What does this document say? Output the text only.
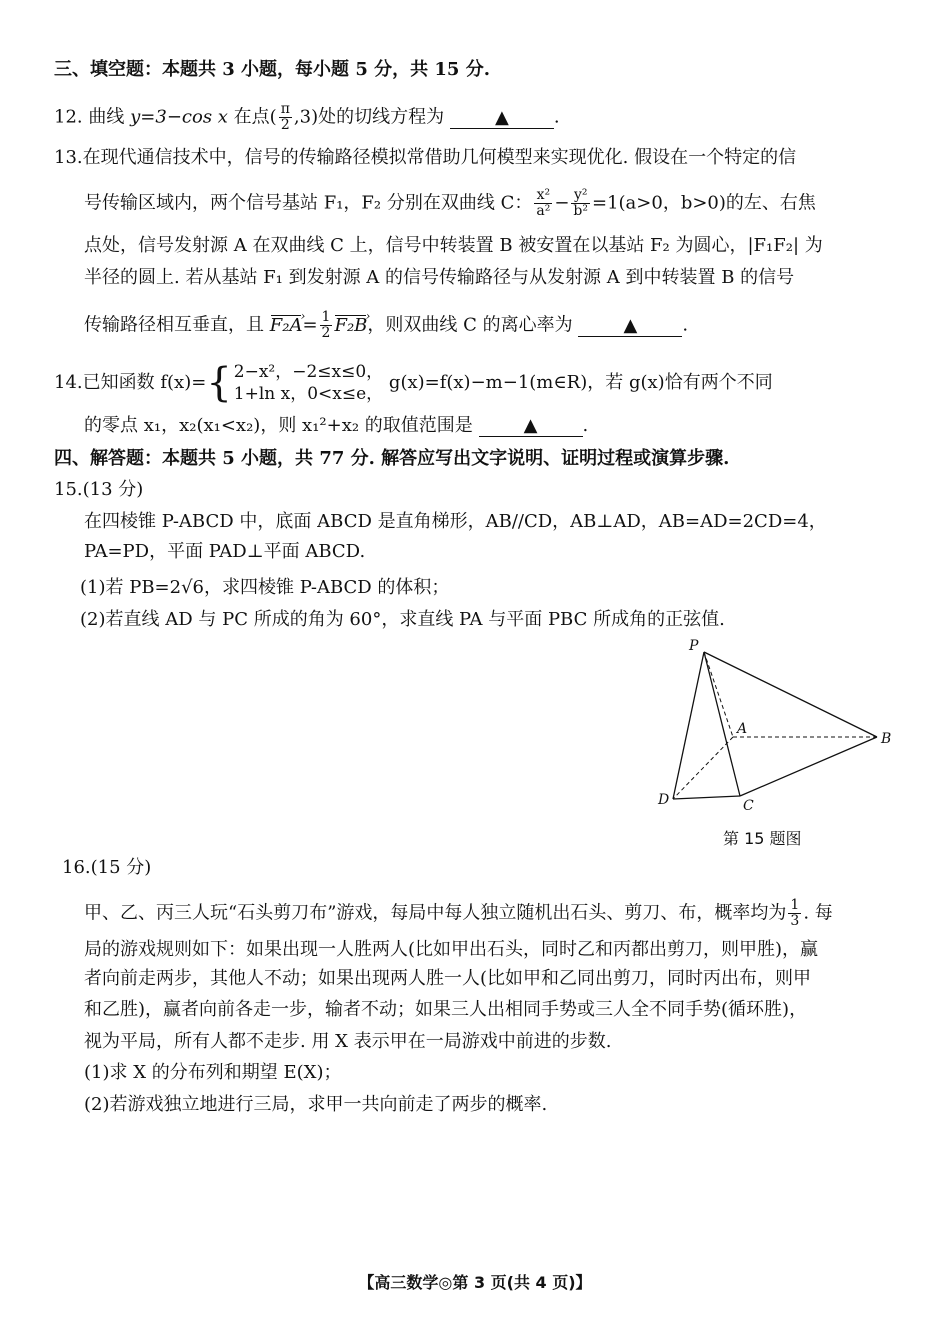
三、填空题：本题共 3 小题，每小题 5 分，共 15 分.
12. 曲线 y=3−cos x 在点( $\frac{\pi}{2} ,3$)处的切线方程为	▲	.
13.在现代通信技术中，信号的传输路径模拟常借助几何模型来实现优化. 假设在一个特定的信
号传输区域内，两个信号基站 F₁，F₂ 分别在双曲线 C： $\frac{\text{x²}}{\text{a²}} - \frac{\text{y²}}{\text{b²}} =1(a>0$，b>0)的左、右焦
点处，信号发射源 A 在双曲线 C 上，信号中转装置 B 被安置在以基站 F₂ 为圆心，|F₁F₂| 为
半径的圆上. 若从基站 F₁ 到发射源 A 的信号传输路径与从发射源 A 到中转装置 B 的信号
传输路径相互垂直，且 › $F_2A= \frac{1}{2}$ › F₂B，则双曲线 C 的离心率为	▲	.
14.已知函数 f(x)={ 2−x²，−2≤x≤0，
1+ln x，0<x≤e，
g(x)=f(x)−m−1(m∈R)，若 g(x)恰有两个不同
的零点 x₁，x₂(x₁<x₂)，则 x₁²+x₂ 的取值范围是	▲	.
四、解答题：本题共 5 小题，共 77 分. 解答应写出文字说明、证明过程或演算步骤.
15.(13 分)
在四棱锥 P-ABCD 中，底面 ABCD 是直角梯形，AB//CD，AB⊥AD，AB=AD=2CD=4，
PA=PD，平面 PAD⊥平面 ABCD.
(1)若 PB=2√6，求四棱锥 P-ABCD 的体积；
(2)若直线 AD 与 PC 所成的角为 60°，求直线 PA 与平面 PBC 所成角的正弦值.
P
A
B
C
D
第 15 题图
16.(15 分)
甲、乙、丙三人玩“石头剪刀布”游戏，每局中每人独立随机出石头、剪刀、布，概率均为 $\frac{1}{3}$ . 每
局的游戏规则如下：如果出现一人胜两人(比如甲出石头，同时乙和丙都出剪刀，则甲胜)，赢
者向前走两步，其他人不动；如果出现两人胜一人(比如甲和乙同出剪刀，同时丙出布，则甲
和乙胜)，赢者向前各走一步，输者不动；如果三人出相同手势或三人全不同手势(循环胜)，
视为平局，所有人都不走步. 用 X 表示甲在一局游戏中前进的步数.
(1)求 X 的分布列和期望 E(X)；
(2)若游戏独立地进行三局，求甲一共向前走了两步的概率.
【高三数学◎第 3 页(共 4 页)】
